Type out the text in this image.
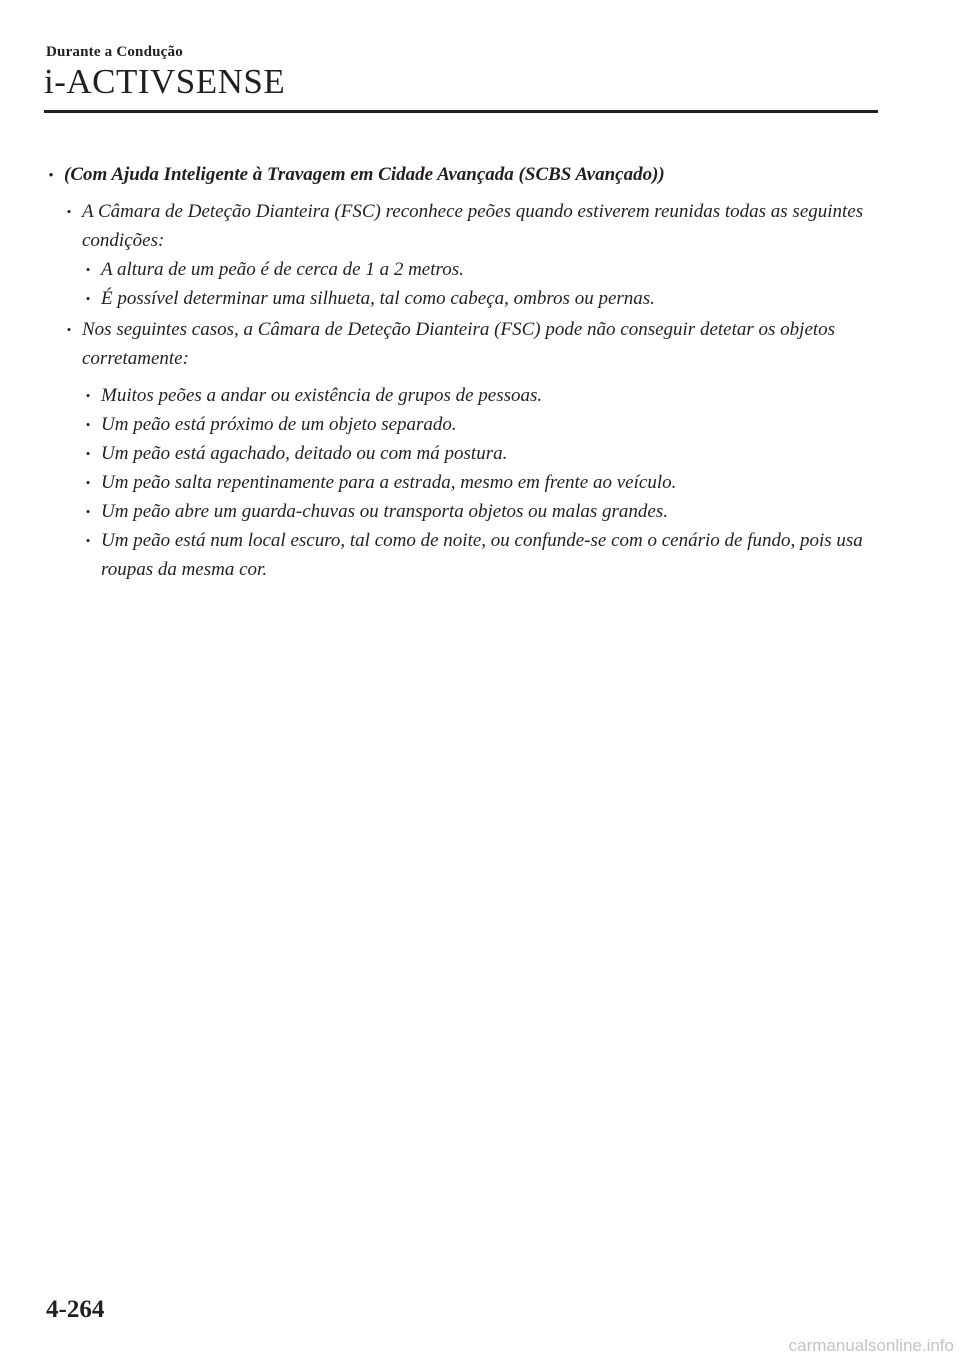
Durante a Condução
i-ACTIVSENSE
• (Com Ajuda Inteligente à Travagem em Cidade Avançada (SCBS Avançado))
• A Câmara de Deteção Dianteira (FSC) reconhece peões quando estiverem reunidas todas as seguintes condições:
• A altura de um peão é de cerca de 1 a 2 metros.
• É possível determinar uma silhueta, tal como cabeça, ombros ou pernas.
• Nos seguintes casos, a Câmara de Deteção Dianteira (FSC) pode não conseguir detetar os objetos corretamente:
• Muitos peões a andar ou existência de grupos de pessoas.
• Um peão está próximo de um objeto separado.
• Um peão está agachado, deitado ou com má postura.
• Um peão salta repentinamente para a estrada, mesmo em frente ao veículo.
• Um peão abre um guarda-chuvas ou transporta objetos ou malas grandes.
• Um peão está num local escuro, tal como de noite, ou confunde-se com o cenário de fundo, pois usa roupas da mesma cor.
4-264
carmanualsonline.info
